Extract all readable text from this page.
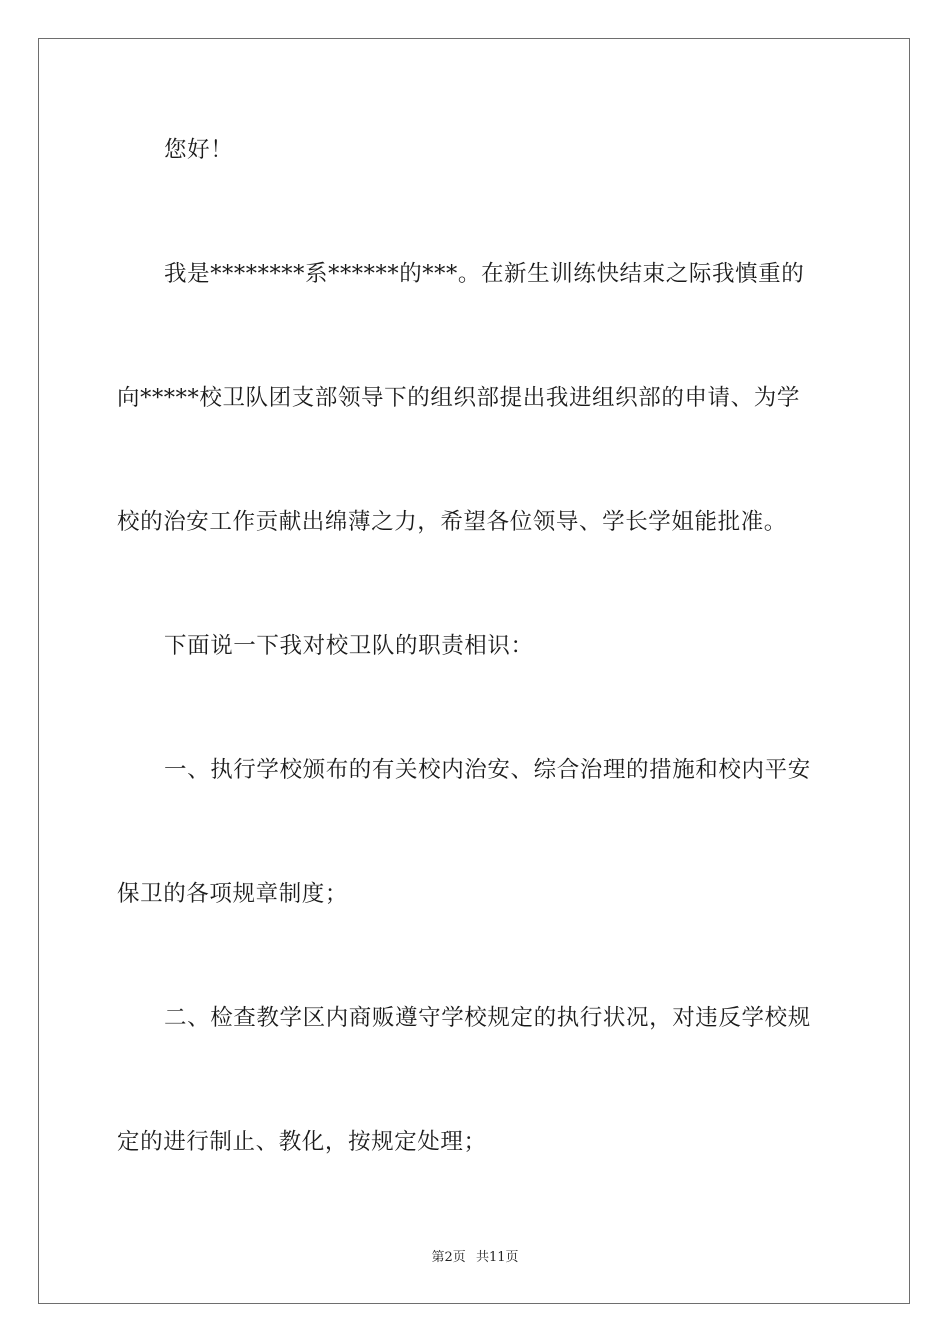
您好！
我是********系******的***。在新生训练快结束之际我慎重的
向*****校卫队团支部领导下的组织部提出我进组织部的申请、为学
校的治安工作贡献出绵薄之力，希望各位领导、学长学姐能批准。
下面说一下我对校卫队的职责相识：
一、执行学校颁布的有关校内治安、综合治理的措施和校内平安
保卫的各项规章制度；
二、检查教学区内商贩遵守学校规定的执行状况，对违反学校规
定的进行制止、教化，按规定处理；
第2页 共11页
